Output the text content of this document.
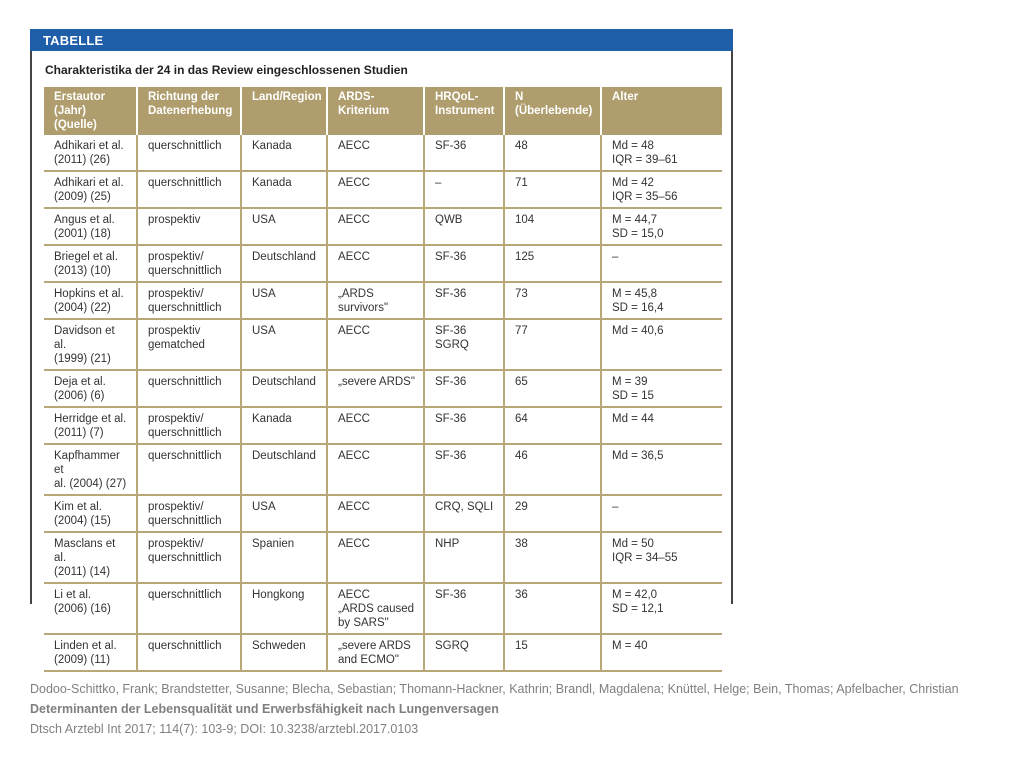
TABELLE
Charakteristika der 24 in das Review eingeschlossenen Studien
Erstautor
(Jahr) (Quelle)	Richtung der
Datenerhebung	Land/Region	ARDS-Kriterium	HRQoL-
Instrument	N
(Überlebende)	Alter
Adhikari et al.
(2011) (26)	querschnittlich	Kanada	AECC	SF-36	48	Md = 48
IQR = 39–61
Adhikari et al.
(2009) (25)	querschnittlich	Kanada	AECC	–	71	Md = 42
IQR = 35–56
Angus et al.
(2001) (18)	prospektiv	USA	AECC	QWB	104	M = 44,7
SD = 15,0
Briegel et al.
(2013) (10)	prospektiv/
querschnittlich	Deutschland	AECC	SF-36	125	–
Hopkins et al.
(2004) (22)	prospektiv/
querschnittlich	USA	„ARDS survivors"	SF-36	73	M = 45,8
SD = 16,4
Davidson et al.
(1999) (21)	prospektiv
gematched	USA	AECC	SF-36
SGRQ	77	Md = 40,6
Deja et al.
(2006) (6)	querschnittlich	Deutschland	„severe ARDS"	SF-36	65	M = 39
SD = 15
Herridge et al.
(2011) (7)	prospektiv/
querschnittlich	Kanada	AECC	SF-36	64	Md = 44
Kapfhammer et
al. (2004) (27)	querschnittlich	Deutschland	AECC	SF-36	46	Md = 36,5
Kim et al.
(2004) (15)	prospektiv/
querschnittlich	USA	AECC	CRQ, SQLI	29	–
Masclans et al.
(2011) (14)	prospektiv/
querschnittlich	Spanien	AECC	NHP	38	Md = 50
IQR = 34–55
Li et al.
(2006) (16)	querschnittlich	Hongkong	AECC
„ARDS caused
by SARS"	SF-36	36	M = 42,0
SD = 12,1
Linden et al.
(2009) (11)	querschnittlich	Schweden	„severe ARDS
and ECMO"	SGRQ	15	M = 40
Dodoo-Schittko, Frank; Brandstetter, Susanne; Blecha, Sebastian; Thomann-Hackner, Kathrin; Brandl, Magdalena; Knüttel, Helge; Bein, Thomas; Apfelbacher, Christian
Determinanten der Lebensqualität und Erwerbsfähigkeit nach Lungenversagen
Dtsch Arztebl Int 2017; 114(7): 103-9; DOI: 10.3238/arztebl.2017.0103
